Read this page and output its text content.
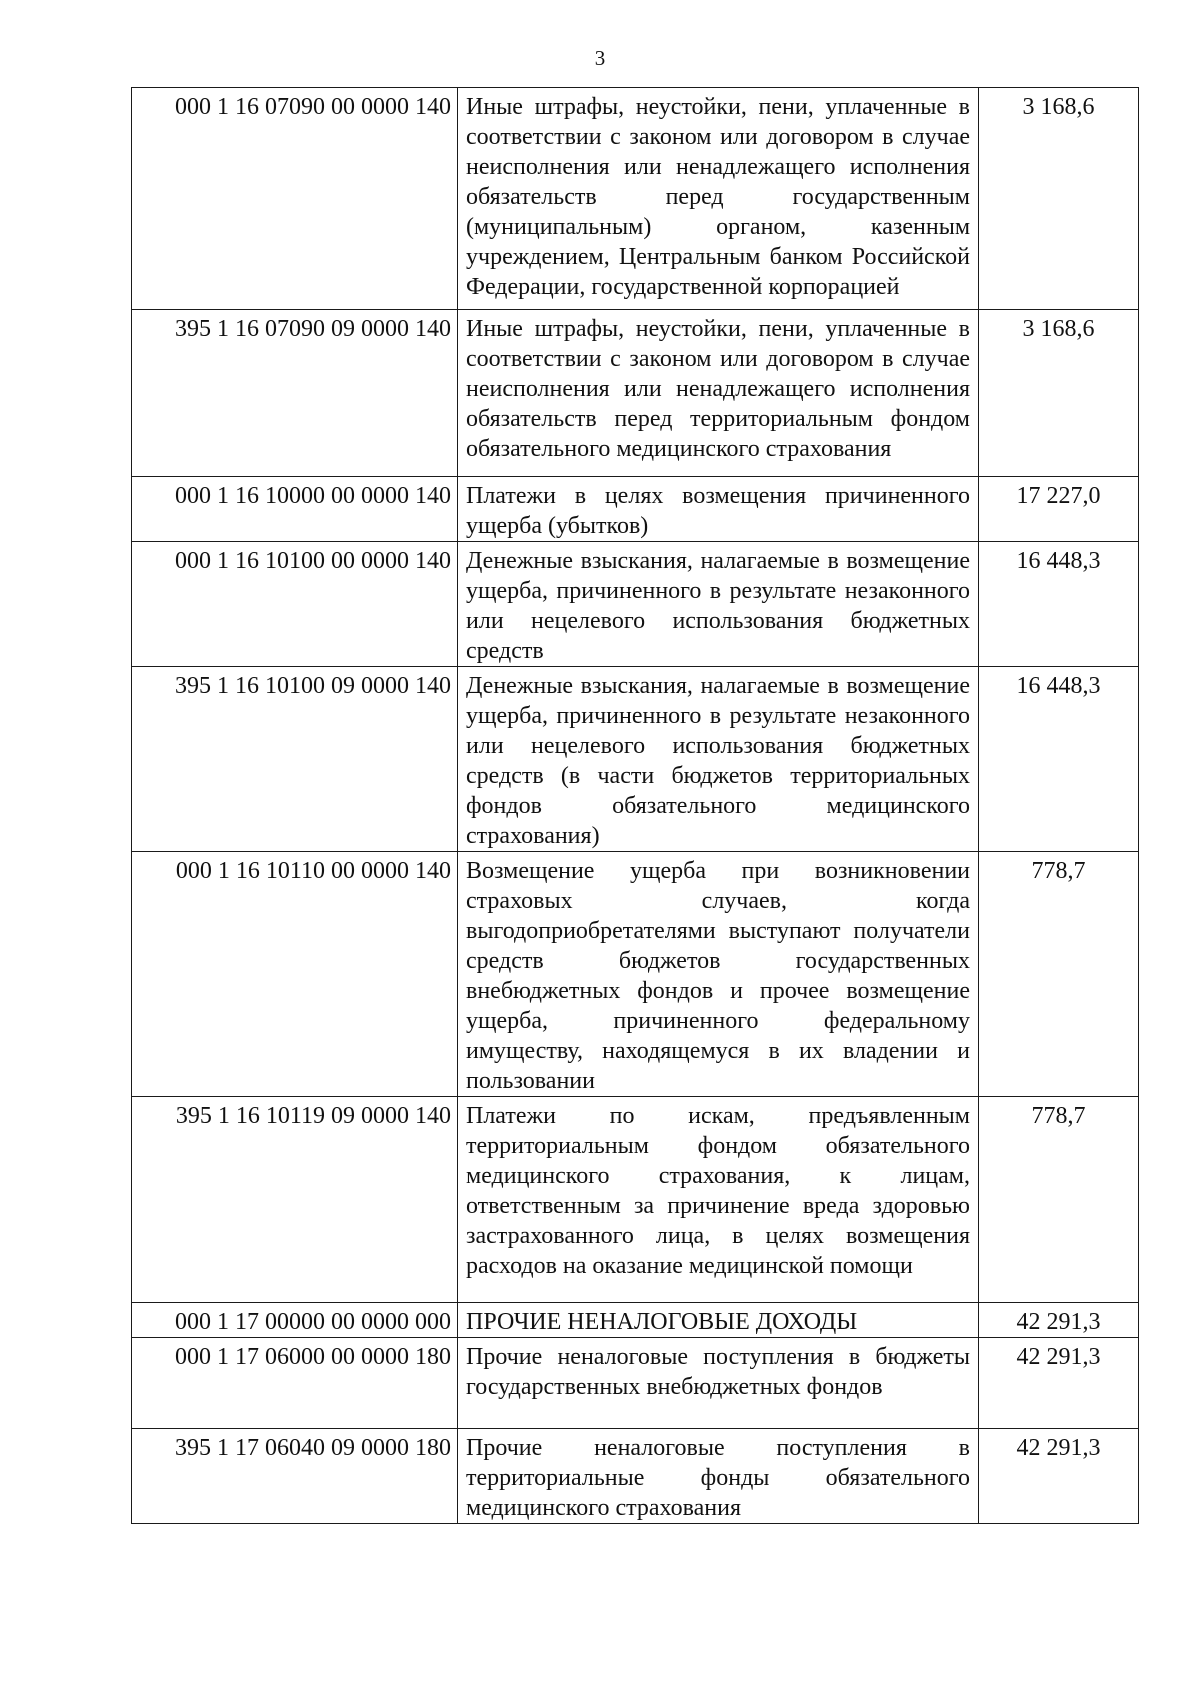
3
000 1 16 07090 00 0000 140	Иные штрафы, неустойки, пени, уплаченные в соответствии с законом или договором в случае неисполнения или ненадлежащего исполнения обязательств перед государственным (муниципальным) органом, казенным учреждением, Центральным банком Российской Федерации, государственной корпорацией	3 168,6
395 1 16 07090 09 0000 140	Иные штрафы, неустойки, пени, уплаченные в соответствии с законом или договором в случае неисполнения или ненадлежащего исполнения обязательств перед территориальным фондом обязательного медицинского страхования	3 168,6
000 1 16 10000 00 0000 140	Платежи в целях возмещения причиненного ущерба (убытков)	17 227,0
000 1 16 10100 00 0000 140	Денежные взыскания, налагаемые в возмещение ущерба, причиненного в результате незаконного или нецелевого использования бюджетных средств	16 448,3
395 1 16 10100 09 0000 140	Денежные взыскания, налагаемые в возмещение ущерба, причиненного в результате незаконного или нецелевого использования бюджетных средств (в части бюджетов территориальных фондов обязательного медицинского страхования)	16 448,3
000 1 16 10110 00 0000 140	Возмещение ущерба при возникновении страховых случаев, когда выгодоприобретателями выступают получатели средств бюджетов государственных внебюджетных фондов и прочее возмещение ущерба, причиненного федеральному имуществу, находящемуся в их владении и пользовании	778,7
395 1 16 10119 09 0000 140	Платежи по искам, предъявленным территориальным фондом обязательного медицинского страхования, к лицам, ответственным за причинение вреда здоровью застрахованного лица, в целях возмещения расходов на оказание медицинской помощи	778,7
000 1 17 00000 00 0000 000	ПРОЧИЕ НЕНАЛОГОВЫЕ ДОХОДЫ	42 291,3
000 1 17 06000 00 0000 180	Прочие неналоговые поступления в бюджеты государственных внебюджетных фондов	42 291,3
395 1 17 06040 09 0000 180	Прочие неналоговые поступления в территориальные фонды обязательного медицинского страхования	42 291,3
